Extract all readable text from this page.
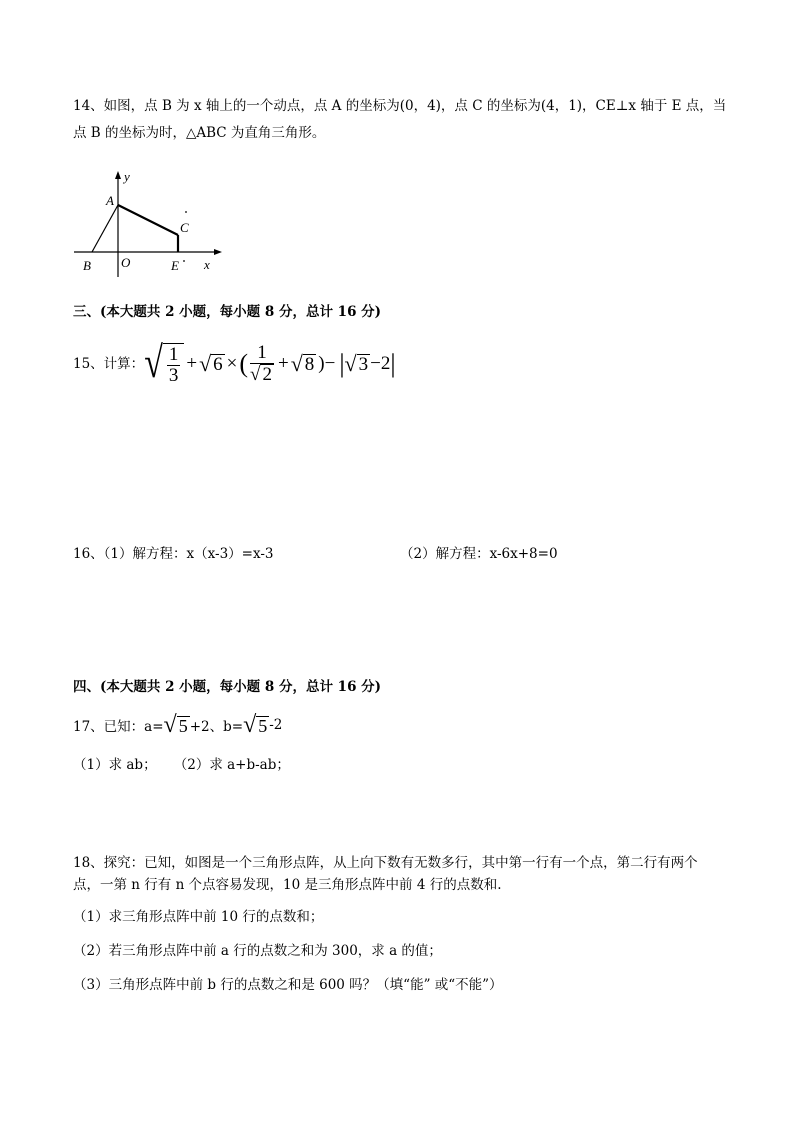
14、如图，点 B 为 x 轴上的一个动点，点 A 的坐标为(0，4)，点 C 的坐标为(4，1)，CE⊥x 轴于 E 点，当
点 B 的坐标为时，△ABC 为直角三角形。
y
A
C
B O	E x
三、(本大题共 2 小题，每小题 8 分，总计 16 分)
15、计算： √ $\frac{1}{3}$ + √ 6 × ( $\frac{1}{√ 2}$ + √ 8 )− | √ 3 −2 |
16、（1）解方程：x（x-3）=x-3	（2）解方程：x-6x+8=0
四、(本大题共 2 小题，每小题 8 分，总计 16 分)
17、已知：a= √ 5 +2、b= √ 5 -2
（1）求 ab；    （2）求 a+b-ab；
18、探究：已知，如图是一个三角形点阵，从上向下数有无数多行，其中第一行有一个点，第二行有两个
点，一第 n 行有 n 个点容易发现，10 是三角形点阵中前 4 行的点数和.
（1）求三角形点阵中前 10 行的点数和；
（2）若三角形点阵中前 a 行的点数之和为 300，求 a 的值；
（3）三角形点阵中前 b 行的点数之和是 600 吗？（填“能” 或“不能”）
